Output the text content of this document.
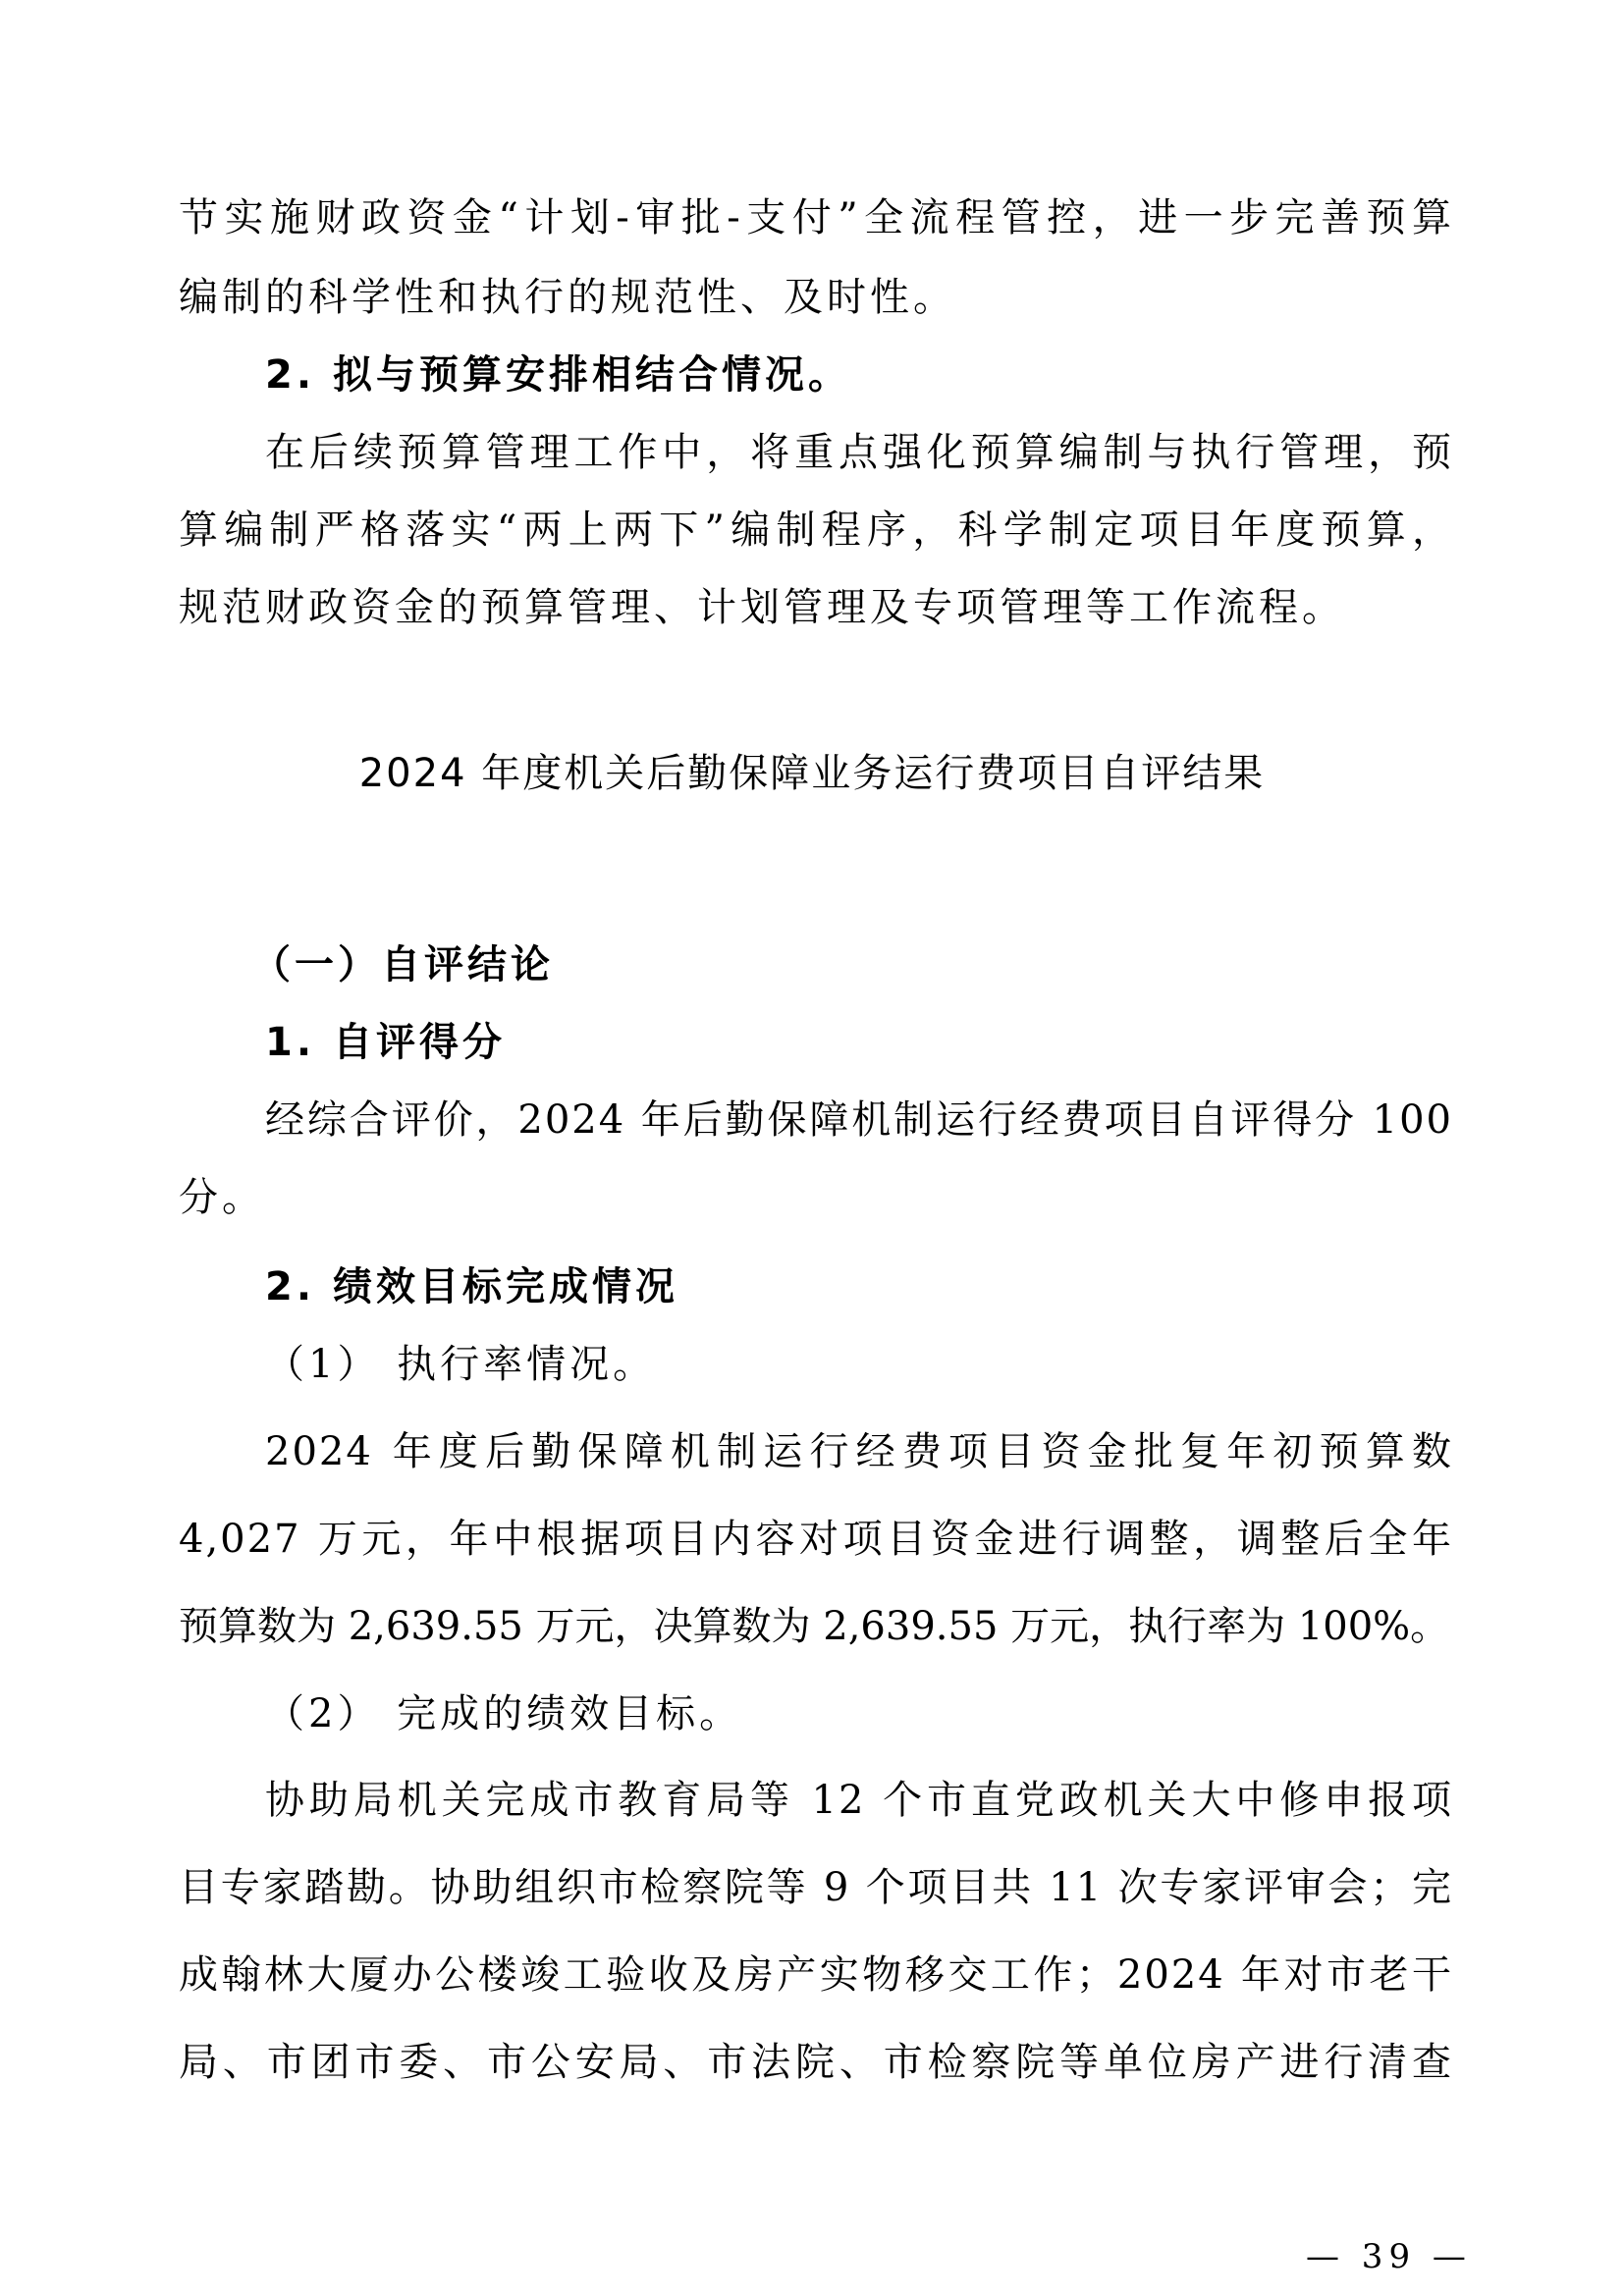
节实施财政资金“计划-审批-支付”全流程管控，进一步完善预算
编制的科学性和执行的规范性、及时性。
2. 拟与预算安排相结合情况。
在后续预算管理工作中，将重点强化预算编制与执行管理，预
算编制严格落实“两上两下”编制程序，科学制定项目年度预算，
规范财政资金的预算管理、计划管理及专项管理等工作流程。
2024 年度机关后勤保障业务运行费项目自评结果
（一）自评结论
1. 自评得分
经综合评价，2024 年后勤保障机制运行经费项目自评得分 100
分。
2. 绩效目标完成情况
（1） 执行率情况。
2024 年度后勤保障机制运行经费项目资金批复年初预算数
4,027 万元，年中根据项目内容对项目资金进行调整，调整后全年
预算数为 2,639.55 万元，决算数为 2,639.55 万元，执行率为 100%。
（2） 完成的绩效目标。
协助局机关完成市教育局等 12 个市直党政机关大中修申报项
目专家踏勘。协助组织市检察院等 9 个项目共 11 次专家评审会；完
成翰林大厦办公楼竣工验收及房产实物移交工作；2024 年对市老干
局、市团市委、市公安局、市法院、市检察院等单位房产进行清查
— 39 —
